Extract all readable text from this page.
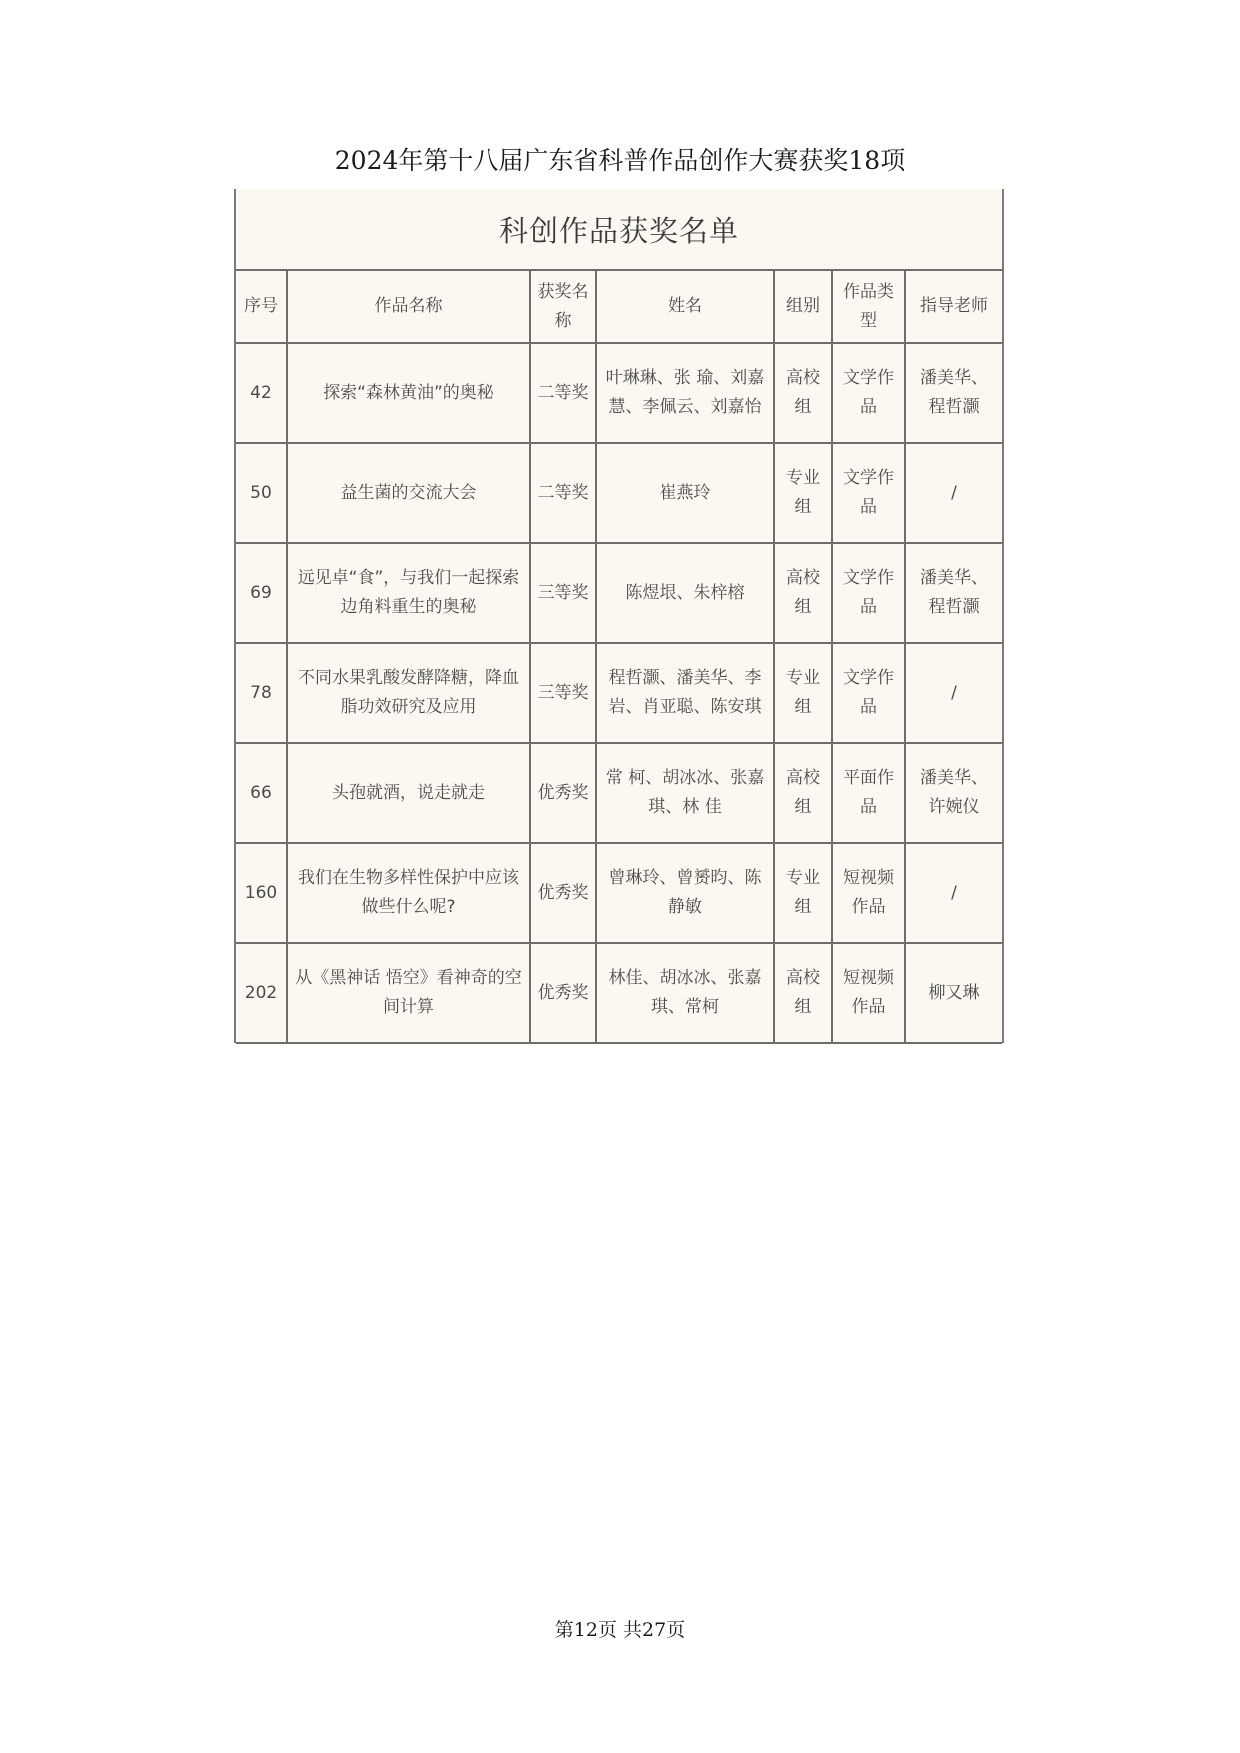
2024年第十八届广东省科普作品创作大赛获奖18项
科创作品获奖名单
序号	作品名称	获奖名称	姓名	组别	作品类型	指导老师
42	探索“森林黄油”的奥秘	二等奖	叶琳琳、张 瑜、刘嘉慧、李佩云、刘嘉怡	高校组	文学作品	潘美华、程哲灏
50	益生菌的交流大会	二等奖	崔燕玲	专业组	文学作品	/
69	远见卓“食”，与我们一起探索边角料重生的奥秘	三等奖	陈煜垠、朱梓榕	高校组	文学作品	潘美华、程哲灏
78	不同水果乳酸发酵降糖，降血脂功效研究及应用	三等奖	程哲灏、潘美华、李 岩、肖亚聪、陈安琪	专业组	文学作品	/
66	头孢就酒，说走就走	优秀奖	常 柯、胡冰冰、张嘉琪、林 佳	高校组	平面作品	潘美华、许婉仪
160	我们在生物多样性保护中应该做些什么呢?	优秀奖	曾琳玲、曾赟昀、陈静敏	专业组	短视频作品	/
202	从《黑神话 悟空》看神奇的空间计算	优秀奖	林佳、胡冰冰、张嘉琪、常柯	高校组	短视频作品	柳又琳
第12页 共27页
